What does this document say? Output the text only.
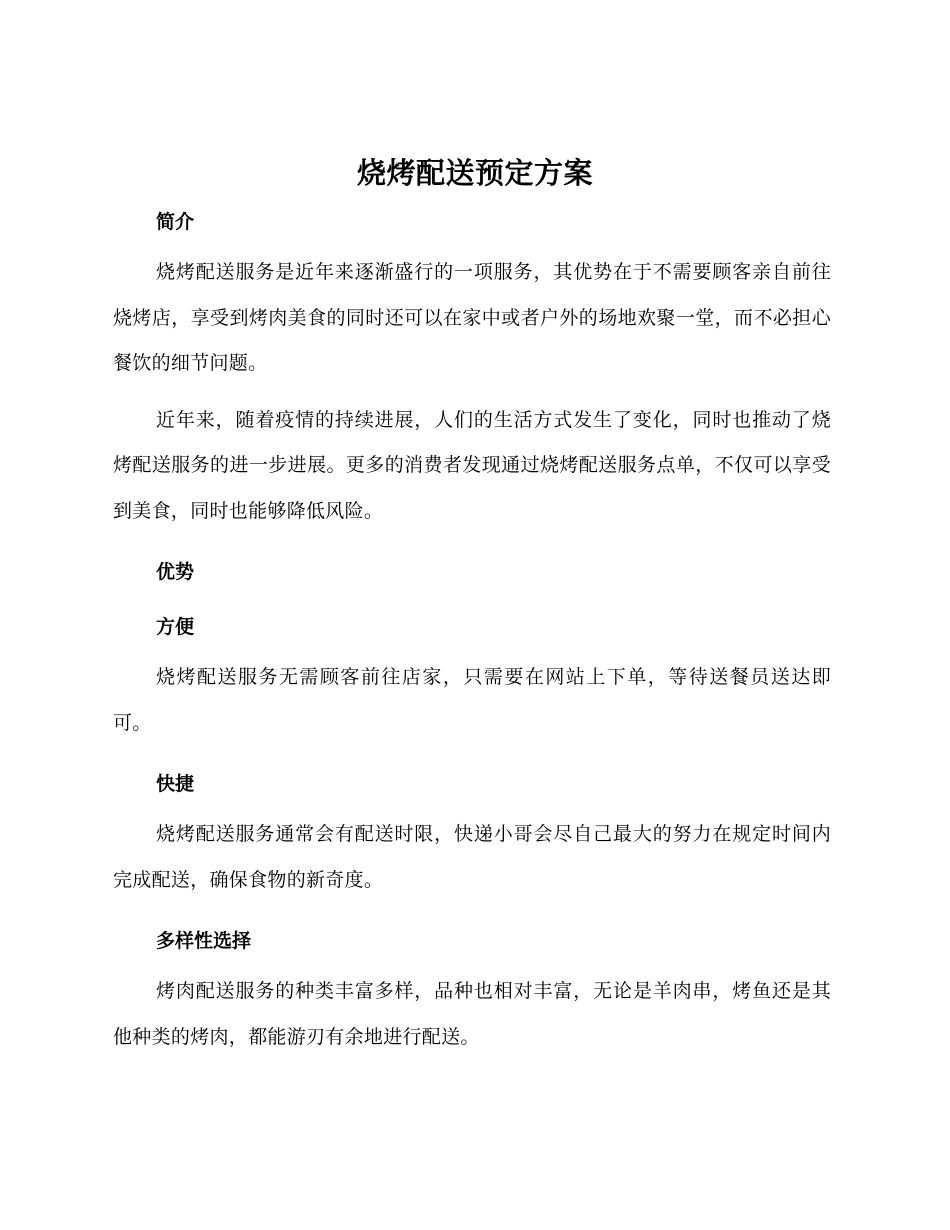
烧烤配送预定方案
简介

烧烤配送服务是近年来逐渐盛行的一项服务，其优势在于不需要顾客亲自前往烧烤店，享受到烤肉美食的同时还可以在家中或者户外的场地欢聚一堂，而不必担心餐饮的细节问题。

近年来，随着疫情的持续进展，人们的生活方式发生了变化，同时也推动了烧烤配送服务的进一步进展。更多的消费者发现通过烧烤配送服务点单，不仅可以享受到美食，同时也能够降低风险。

优势
方便

烧烤配送服务无需顾客前往店家，只需要在网站上下单，等待送餐员送达即可。

快捷

烧烤配送服务通常会有配送时限，快递小哥会尽自己最大的努力在规定时间内完成配送，确保食物的新奇度。

多样性选择

烤肉配送服务的种类丰富多样，品种也相对丰富，无论是羊肉串，烤鱼还是其他种类的烤肉，都能游刃有余地进行配送。
